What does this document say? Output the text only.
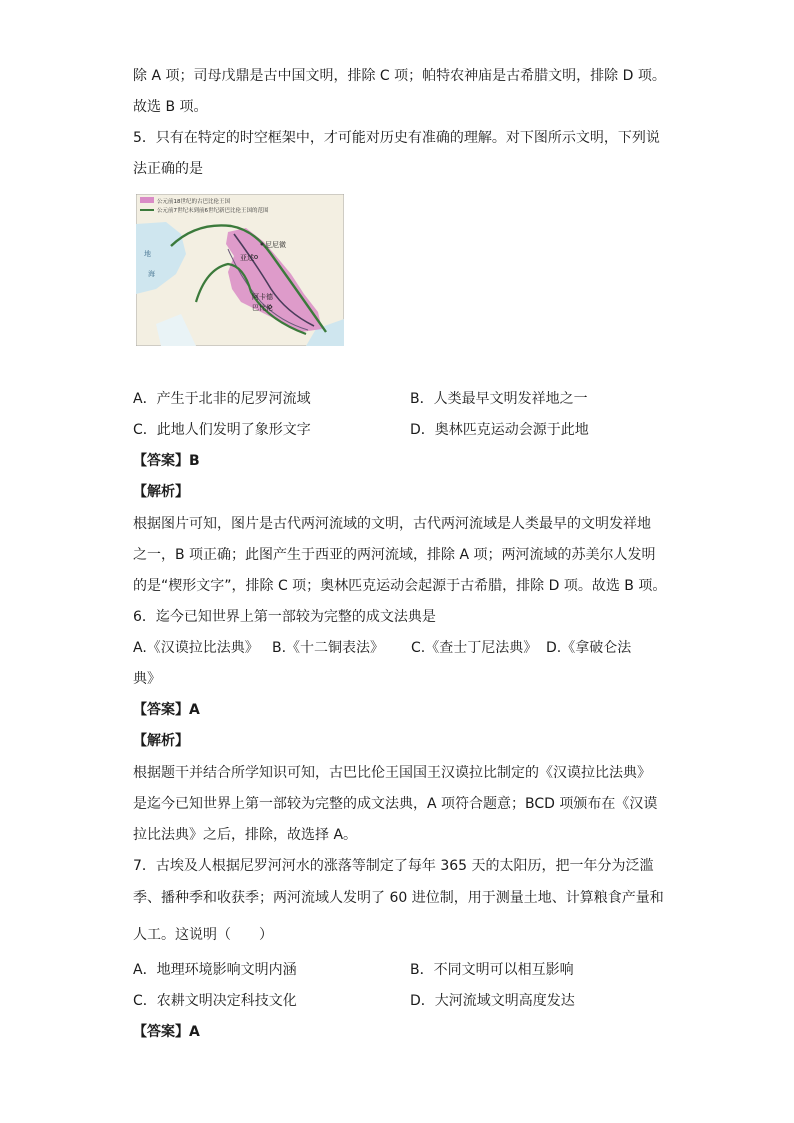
除 A 项；司母戊鼎是古中国文明，排除 C 项；帕特农神庙是古希腊文明，排除 D 项。
故选 B 项。
5．只有在特定的时空框架中，才可能对历史有准确的理解。对下图所示文明，下列说
法正确的是
公元前18世纪的古巴比伦王国
公元前7世纪末到前6世纪新巴比伦王国的范围
尼尼微
亚述
阿卡德
巴比伦
地
海
A．产生于北非的尼罗河流域	B．人类最早文明发祥地之一
C．此地人们发明了象形文字	D．奥林匹克运动会源于此地
【答案】B
【解析】
根据图片可知，图片是古代两河流域的文明，古代两河流域是人类最早的文明发祥地
之一，B 项正确；此图产生于西亚的两河流域，排除 A 项；两河流域的苏美尔人发明
的是“楔形文字”，排除 C 项；奥林匹克运动会起源于古希腊，排除 D 项。故选 B 项。
6．迄今已知世界上第一部较为完整的成文法典是
A.《汉谟拉比法典》 B.《十二铜表法》 C.《查士丁尼法典》 D.《拿破仑法
典》
【答案】A
【解析】
根据题干并结合所学知识可知，古巴比伦王国国王汉谟拉比制定的《汉谟拉比法典》
是迄今已知世界上第一部较为完整的成文法典，A 项符合题意；BCD 项颁布在《汉谟
拉比法典》之后，排除，故选择 A。
7．古埃及人根据尼罗河河水的涨落等制定了每年 365 天的太阳历，把一年分为泛滥
季、播种季和收获季；两河流域人发明了 60 进位制，用于测量土地、计算粮食产量和
人工。这说明（　　）
A．地理环境影响文明内涵	B．不同文明可以相互影响
C．农耕文明决定科技文化	D．大河流域文明高度发达
【答案】A
